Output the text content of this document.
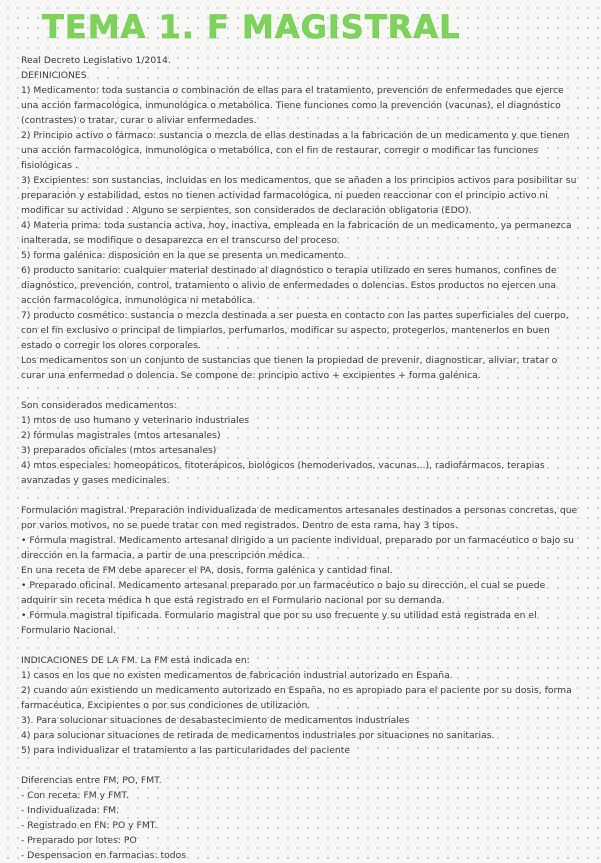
TEMA 1. F MAGISTRAL

Real Decreto Legislativo 1/2014.

DEFINICIONES

1) Medicamento: toda sustancia o combinación de ellas para el tratamiento, prevención de enfermedades que ejerce una acción farmacológica, inmunológica o metabólica. Tiene funciones como la prevención (vacunas), el diagnóstico (contrastes) o tratar, curar o aliviar enfermedades.

2) Principio activo o fármaco: sustancia o mezcla de ellas destinadas a la fabricación de un medicamento y que tienen una acción farmacológica, inmunológica o metabólica, con el fin de restaurar, corregir o modificar las funciones fisiológicas .

3) Excipientes: son sustancias, incluidas en los medicamentos, que se añaden a los principios activos para posibilitar su preparación y estabilidad, estos no tienen actividad farmacológica, ni pueden reaccionar con el principio activo ni modificar su actividad . Alguno se serpientes, son considerados de declaración obligatoria (EDO).

4) Materia prima: toda sustancia activa, hoy, inactiva, empleada en la fabricación de un medicamento, ya permanezca inalterada, se modifique o desaparezca en el transcurso del proceso.

5) forma galénica: disposición en la que se presenta un medicamento.

6) producto sanitario: cualquier material destinado al diagnóstico o terapia utilizado en seres humanos, confines de diagnóstico, prevención, control, tratamiento o alivio de enfermedades o dolencias. Estos productos no ejercen una acción farmacológica, inmunológica ni metabólica.

7) producto cosmético: sustancia o mezcla destinada a ser puesta en contacto con las partes superficiales del cuerpo, con el fin exclusivo o principal de limpiarlos, perfumarlos, modificar su aspecto, protegerlos, mantenerlos en buen estado o corregir los olores corporales.

Los medicamentos son un conjunto de sustancias que tienen la propiedad de prevenir, diagnosticar, aliviar, tratar o curar una enfermedad o dolencia. Se compone de: principio activo + excipientes + forma galénica.

Son considerados medicamentos:

1) mtos de uso humano y veterinario industriales

2) fórmulas magistrales (mtos artesanales)

3) preparados oficiales (mtos artesanales)

4) mtos especiales: homeopáticos, fitoterápicos, biológicos (hemoderivados, vacunas...), radiofármacos, terapias avanzadas y gases medicinales.

Formulación magistral. Preparación individualizada de medicamentos artesanales destinados a personas concretas, que por varios motivos, no se puede tratar con med registrados. Dentro de esta rama, hay 3 tipos.

• Fórmula magistral. Medicamento artesanal dirigido a un paciente individual, preparado por un farmacéutico o bajo su dirección en la farmacia, a partir de una prescripción médica.

En una receta de FM debe aparecer el PA, dosis, forma galénica y cantidad final.

• Preparado oficinal. Medicamento artesanal preparado por un farmacéutico o bajo su dirección, el cual se puede adquirir sin receta médica h que está registrado en el Formulario nacional por su demanda.

• Fórmula magistral tipificada. Formulario magistral que por su uso frecuente y su utilidad está registrada en el Formulario Nacional.

INDICACIONES DE LA FM. La FM está indicada en:

1) casos en los que no existen medicamentos de fabricación industrial autorizado en España.

2) cuando aún existiendo un medicamento autorizado en España, no es apropiado para el paciente por su dosis, forma farmacéutica, Excipientes o por sus condiciones de utilización.

3). Para solucionar situaciones de desabastecimiento de medicamentos industriales

4) para solucionar situaciones de retirada de medicamentos industriales por situaciones no sanitarias.

5) para individualizar el tratamiento a las particularidades del paciente

Diferencias entre FM, PO, FMT.

- Con receta: FM y FMT.

- Individualizada: FM.

- Registrado en FN: PO y FMT.

- Preparado por lotes: PO

- Despensacion en farmacias: todos
